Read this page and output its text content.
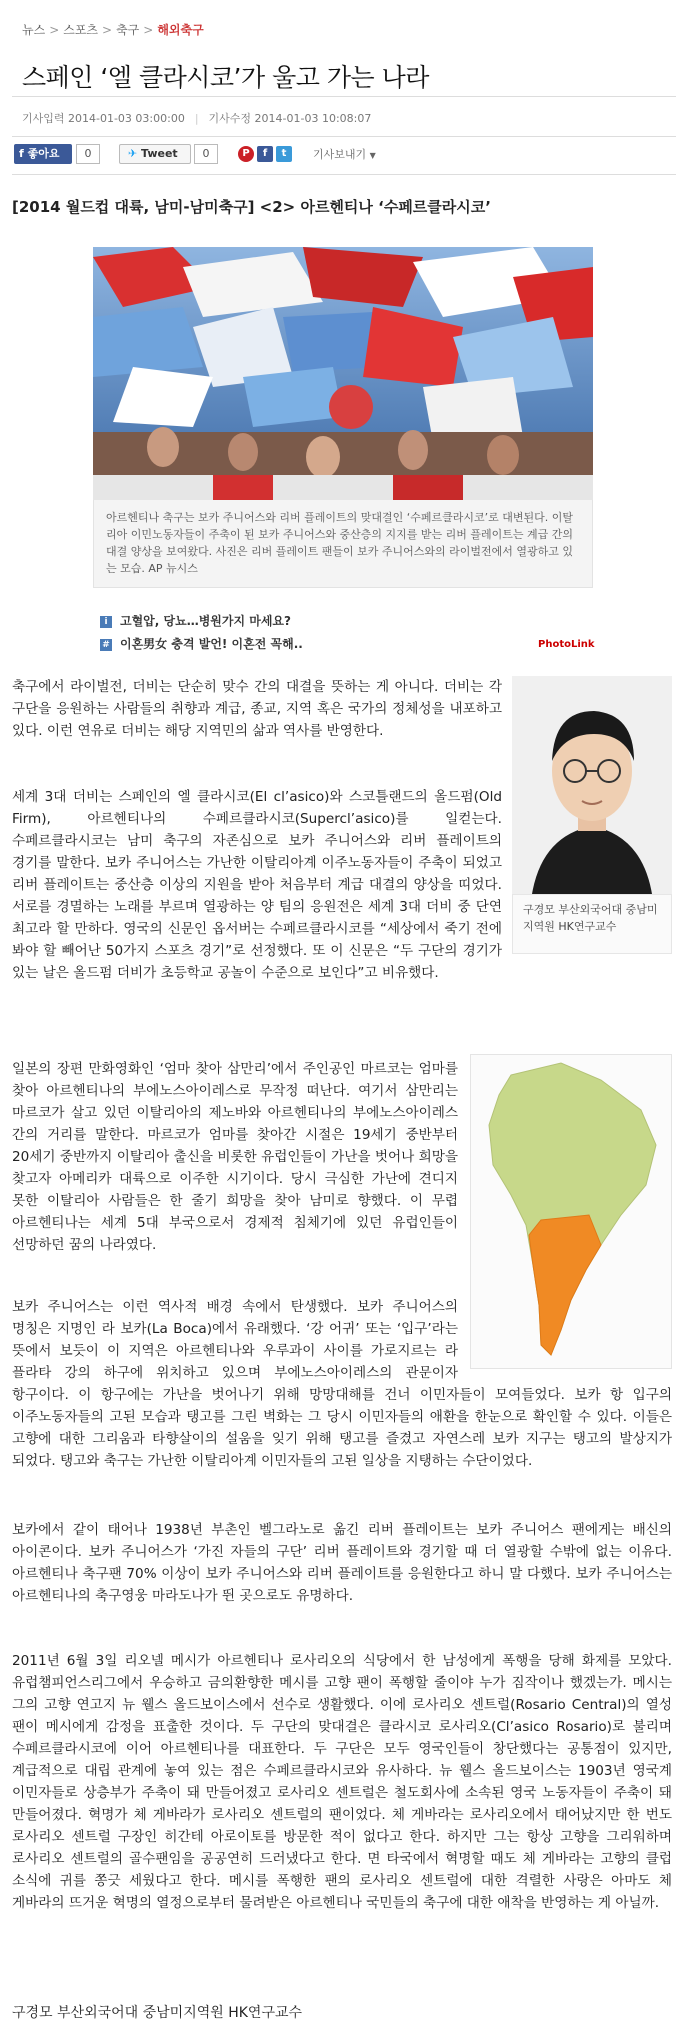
뉴스 > 스포츠 > 축구 > 해외축구
스페인 ‘엘 클라시코’가 울고 가는 나라
기사입력 2014-01-03 03:00:00 | 기사수정 2014-01-03 10:08:07
f 좋아요	0	✈ Tweet	0	P	f	t	기사보내기 ▼
[2014 월드컵 대륙, 남미-남미축구] <2> 아르헨티나 ‘수페르클라시코’
아르헨티나 축구는 보카 주니어스와 리버 플레이트의 맞대결인 ‘수페르클라시코’로 대변된다. 이탈리아 이민노동자들이 주축이 된 보카 주니어스와 중산층의 지지를 받는 리버 플레이트는 계급 간의 대결 양상을 보여왔다. 사진은 리버 플레이트 팬들이 보카 주니어스와의 라이벌전에서 열광하고 있는 모습. AP 뉴시스
i 고혈압, 당뇨…병원가지 마세요?
# 이혼男女 충격 발언! 이혼전 꼭해..	PhotoLink
구경모 부산외국어대 중남미지역원 HK연구교수
축구에서 라이벌전, 더비는 단순히 맞수 간의 대결을 뜻하는 게 아니다. 더비는 각 구단을 응원하는 사람들의 취향과 계급, 종교, 지역 혹은 국가의 정체성을 내포하고 있다. 이런 연유로 더비는 해당 지역민의 삶과 역사를 반영한다.
세계 3대 더비는 스페인의 엘 클라시코(El cl’asico)와 스코틀랜드의 올드펌(Old Firm), 아르헨티나의 수페르클라시코(Supercl’asico)를 일컫는다. 수페르클라시코는 남미 축구의 자존심으로 보카 주니어스와 리버 플레이트의 경기를 말한다. 보카 주니어스는 가난한 이탈리아계 이주노동자들이 주축이 되었고 리버 플레이트는 중산층 이상의 지원을 받아 처음부터 계급 대결의 양상을 띠었다. 서로를 경멸하는 노래를 부르며 열광하는 양 팀의 응원전은 세계 3대 더비 중 단연 최고라 할 만하다. 영국의 신문인 옵서버는 수페르클라시코를 “세상에서 죽기 전에 봐야 할 빼어난 50가지 스포츠 경기”로 선정했다. 또 이 신문은 “두 구단의 경기가 있는 날은 올드펌 더비가 초등학교 공놀이 수준으로 보인다”고 비유했다.
일본의 장편 만화영화인 ‘엄마 찾아 삼만리’에서 주인공인 마르코는 엄마를 찾아 아르헨티나의 부에노스아이레스로 무작정 떠난다. 여기서 삼만리는 마르코가 살고 있던 이탈리아의 제노바와 아르헨티나의 부에노스아이레스 간의 거리를 말한다. 마르코가 엄마를 찾아간 시절은 19세기 중반부터 20세기 중반까지 이탈리아 출신을 비롯한 유럽인들이 가난을 벗어나 희망을 찾고자 아메리카 대륙으로 이주한 시기이다. 당시 극심한 가난에 견디지 못한 이탈리아 사람들은 한 줄기 희망을 찾아 남미로 향했다. 이 무렵 아르헨티나는 세계 5대 부국으로서 경제적 침체기에 있던 유럽인들이 선망하던 꿈의 나라였다.
보카 주니어스는 이런 역사적 배경 속에서 탄생했다. 보카 주니어스의 명칭은 지명인 라 보카(La Boca)에서 유래했다. ‘강 어귀’ 또는 ‘입구’라는 뜻에서 보듯이 이 지역은 아르헨티나와 우루과이 사이를 가로지르는 라 플라타 강의 하구에 위치하고 있으며 부에노스아이레스의 관문이자 항구이다. 이 항구에는 가난을 벗어나기 위해 망망대해를 건너 이민자들이 모여들었다. 보카 항 입구의 이주노동자들의 고된 모습과 탱고를 그린 벽화는 그 당시 이민자들의 애환을 한눈으로 확인할 수 있다. 이들은 고향에 대한 그리움과 타향살이의 설움을 잊기 위해 탱고를 즐겼고 자연스레 보카 지구는 탱고의 발상지가 되었다. 탱고와 축구는 가난한 이탈리아계 이민자들의 고된 일상을 지탱하는 수단이었다.
보카에서 같이 태어나 1938년 부촌인 벨그라노로 옮긴 리버 플레이트는 보카 주니어스 팬에게는 배신의 아이콘이다. 보카 주니어스가 ‘가진 자들의 구단’ 리버 플레이트와 경기할 때 더 열광할 수밖에 없는 이유다. 아르헨티나 축구팬 70% 이상이 보카 주니어스와 리버 플레이트를 응원한다고 하니 말 다했다. 보카 주니어스는 아르헨티나의 축구영웅 마라도나가 뛴 곳으로도 유명하다.
2011년 6월 3일 리오넬 메시가 아르헨티나 로사리오의 식당에서 한 남성에게 폭행을 당해 화제를 모았다. 유럽챔피언스리그에서 우승하고 금의환향한 메시를 고향 팬이 폭행할 줄이야 누가 짐작이나 했겠는가. 메시는 그의 고향 연고지 뉴 웰스 올드보이스에서 선수로 생활했다. 이에 로사리오 센트럴(Rosario Central)의 열성 팬이 메시에게 감정을 표출한 것이다. 두 구단의 맞대결은 클라시코 로사리오(Cl’asico Rosario)로 불리며 수페르클라시코에 이어 아르헨티나를 대표한다. 두 구단은 모두 영국인들이 창단했다는 공통점이 있지만, 계급적으로 대립 관계에 놓여 있는 점은 수페르클라시코와 유사하다. 뉴 웰스 올드보이스는 1903년 영국계 이민자들로 상층부가 주축이 돼 만들어졌고 로사리오 센트럴은 철도회사에 소속된 영국 노동자들이 주축이 돼 만들어졌다. 혁명가 체 게바라가 로사리오 센트럴의 팬이었다. 체 게바라는 로사리오에서 태어났지만 한 번도 로사리오 센트럴 구장인 히간테 아로이토를 방문한 적이 없다고 한다. 하지만 그는 항상 고향을 그리워하며 로사리오 센트럴의 골수팬임을 공공연히 드러냈다고 한다. 면 타국에서 혁명할 때도 체 게바라는 고향의 클럽 소식에 귀를 쫑긋 세웠다고 한다. 메시를 폭행한 팬의 로사리오 센트럴에 대한 격렬한 사랑은 아마도 체 게바라의 뜨거운 혁명의 열정으로부터 물려받은 아르헨티나 국민들의 축구에 대한 애착을 반영하는 게 아닐까.
구경모 부산외국어대 중남미지역원 HK연구교수
